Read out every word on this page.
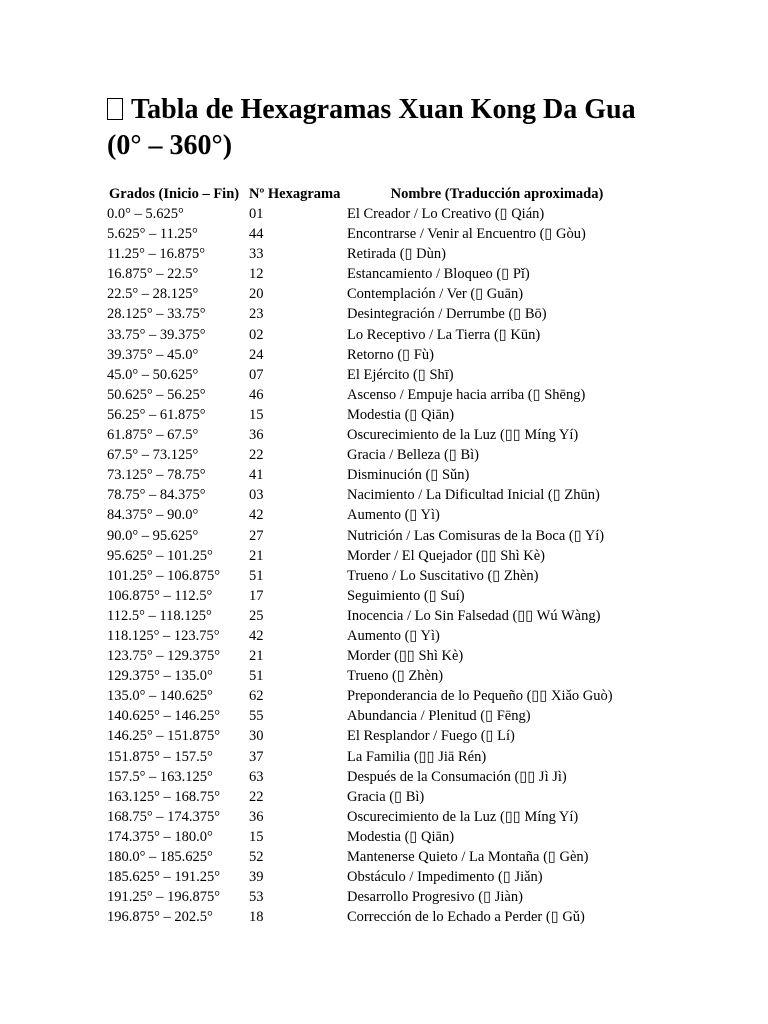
Tabla de Hexagramas Xuan Kong Da Gua (0° – 360°)
Grados (Inicio – Fin)	Nº Hexagrama	Nombre (Traducción aproximada)
0.0° – 5.625°	01	El Creador / Lo Creativo (▯ Qián)
5.625° – 11.25°	44	Encontrarse / Venir al Encuentro (▯ Gòu)
11.25° – 16.875°	33	Retirada (▯ Dùn)
16.875° – 22.5°	12	Estancamiento / Bloqueo (▯ Pǐ)
22.5° – 28.125°	20	Contemplación / Ver (▯ Guān)
28.125° – 33.75°	23	Desintegración / Derrumbe (▯ Bō)
33.75° – 39.375°	02	Lo Receptivo / La Tierra (▯ Kūn)
39.375° – 45.0°	24	Retorno (▯ Fù)
45.0° – 50.625°	07	El Ejército (▯ Shī)
50.625° – 56.25°	46	Ascenso / Empuje hacia arriba (▯ Shēng)
56.25° – 61.875°	15	Modestia (▯ Qiān)
61.875° – 67.5°	36	Oscurecimiento de la Luz (▯▯ Míng Yí)
67.5° – 73.125°	22	Gracia / Belleza (▯ Bì)
73.125° – 78.75°	41	Disminución (▯ Sǔn)
78.75° – 84.375°	03	Nacimiento / La Dificultad Inicial (▯ Zhūn)
84.375° – 90.0°	42	Aumento (▯ Yì)
90.0° – 95.625°	27	Nutrición / Las Comisuras de la Boca (▯ Yí)
95.625° – 101.25°	21	Morder / El Quejador (▯▯ Shì Kè)
101.25° – 106.875°	51	Trueno / Lo Suscitativo (▯ Zhèn)
106.875° – 112.5°	17	Seguimiento (▯ Suí)
112.5° – 118.125°	25	Inocencia / Lo Sin Falsedad (▯▯ Wú Wàng)
118.125° – 123.75°	42	Aumento (▯ Yì)
123.75° – 129.375°	21	Morder (▯▯ Shì Kè)
129.375° – 135.0°	51	Trueno (▯ Zhèn)
135.0° – 140.625°	62	Preponderancia de lo Pequeño (▯▯ Xiǎo Guò)
140.625° – 146.25°	55	Abundancia / Plenitud (▯ Fēng)
146.25° – 151.875°	30	El Resplandor / Fuego (▯ Lí)
151.875° – 157.5°	37	La Familia (▯▯ Jiā Rén)
157.5° – 163.125°	63	Después de la Consumación (▯▯ Jì Jì)
163.125° – 168.75°	22	Gracia (▯ Bì)
168.75° – 174.375°	36	Oscurecimiento de la Luz (▯▯ Míng Yí)
174.375° – 180.0°	15	Modestia (▯ Qiān)
180.0° – 185.625°	52	Mantenerse Quieto / La Montaña (▯ Gèn)
185.625° – 191.25°	39	Obstáculo / Impedimento (▯ Jiǎn)
191.25° – 196.875°	53	Desarrollo Progresivo (▯ Jiàn)
196.875° – 202.5°	18	Corrección de lo Echado a Perder (▯ Gǔ)
